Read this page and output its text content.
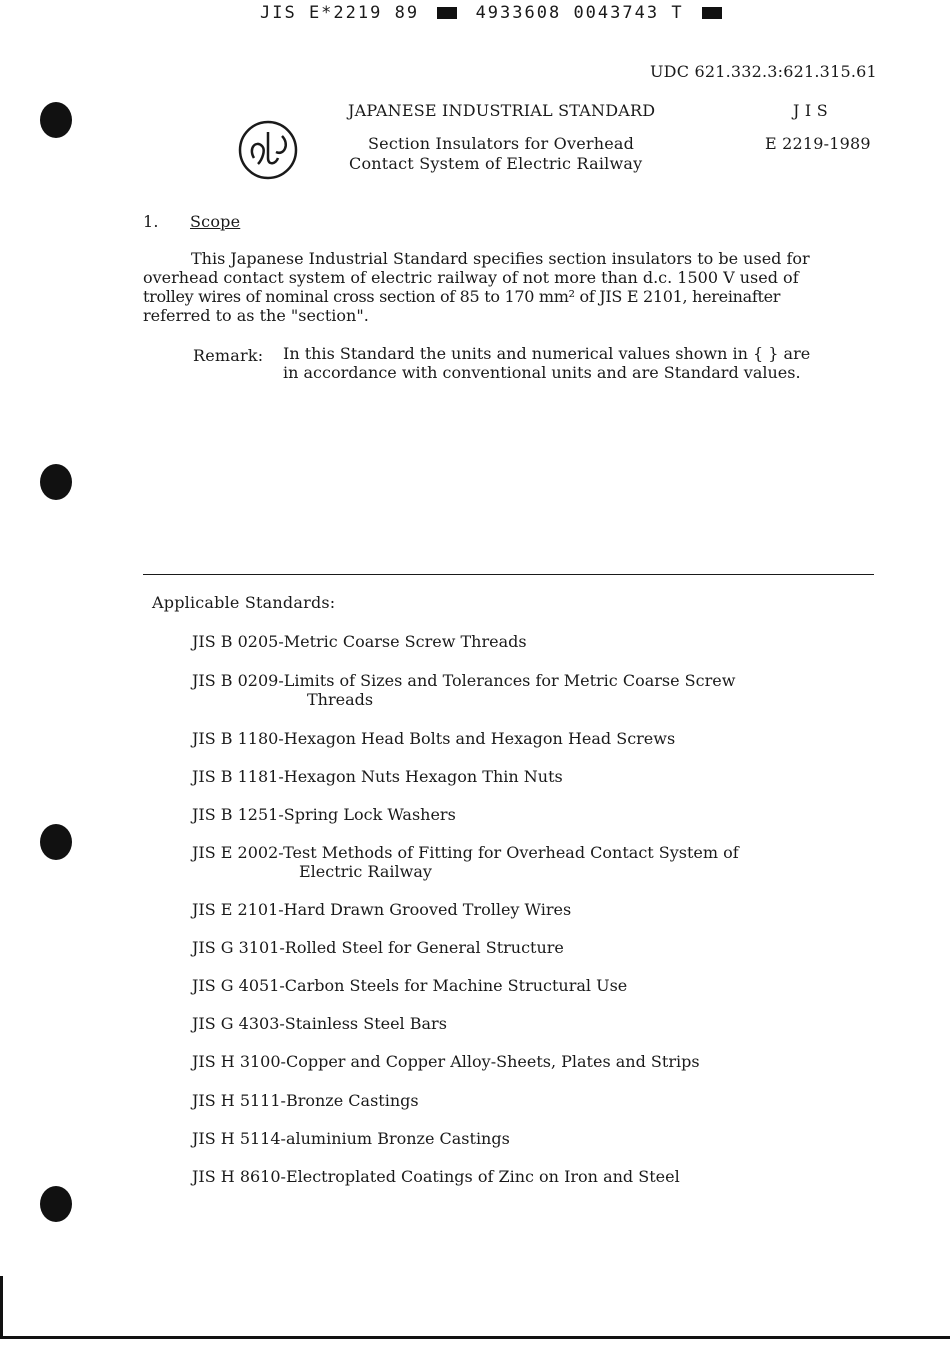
JIS E*2219 89	4933608 0043743 T
UDC 621.332.3:621.315.61
JAPANESE INDUSTRIAL STANDARD	J I S
Section Insulators for Overhead
Contact System of Electric Railway
E 2219-1989
1. Scope
This Japanese Industrial Standard specifies section insulators to be used for
overhead contact system of electric railway of not more than d.c. 1500 V used of
trolley wires of nominal cross section of 85 to 170 mm² of JIS E 2101, hereinafter
referred to as the "section".
Remark: In this Standard the units and numerical values shown in { } are
in accordance with conventional units and are Standard values.
Applicable Standards:
JIS B 0205-Metric Coarse Screw Threads
JIS B 0209-Limits of Sizes and Tolerances for Metric Coarse Screw
Threads
JIS B 1180-Hexagon Head Bolts and Hexagon Head Screws
JIS B 1181-Hexagon Nuts Hexagon Thin Nuts
JIS B 1251-Spring Lock Washers
JIS E 2002-Test Methods of Fitting for Overhead Contact System of
Electric Railway
JIS E 2101-Hard Drawn Grooved Trolley Wires
JIS G 3101-Rolled Steel for General Structure
JIS G 4051-Carbon Steels for Machine Structural Use
JIS G 4303-Stainless Steel Bars
JIS H 3100-Copper and Copper Alloy-Sheets, Plates and Strips
JIS H 5111-Bronze Castings
JIS H 5114-aluminium Bronze Castings
JIS H 8610-Electroplated Coatings of Zinc on Iron and Steel
